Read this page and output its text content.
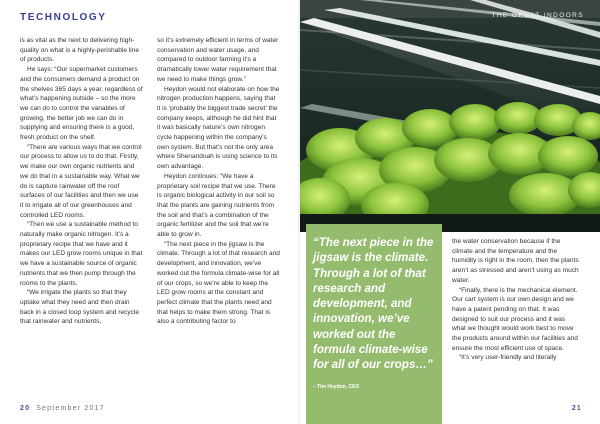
TECHNOLOGY

is as vital as the next to delivering high-quality on what is a highly-perishable line of products.

He says: “Our supermarket customers and the consumers demand a product on the shelves 365 days a year, regardless of what’s happening outside – so the more we can do to control the variables of growing, the better job we can do in supplying and ensuring there is a good, fresh product on the shelf.

“There are various ways that we control our process to allow us to do that. Firstly, we make our own organic nutrients and we do that in a sustainable way. What we do is capture rainwater off the roof surfaces of our facilities and then we use it to irrigate all of our greenhouses and controlled LED rooms.

“Then we use a sustainable method to naturally make organic nitrogen. It’s a proprietary recipe that we have and it makes our LED grow rooms unique in that we have a sustainable source of organic nutrients that we then pump through the rooms to the plants.

“We irrigate the plants so that they uptake what they need and then drain back in a closed loop system and recycle that rainwater and nutrients,

so it’s extremely efficient in terms of water conservation and water usage, and compared to outdoor farming it’s a dramatically lower water requirement that we need to make things grow.”

Heydon would not elaborate on how the nitrogen production happens, saying that it is ‘probably the biggest trade secret’ the company keeps, although he did hint that it was basically nature’s own nitrogen cycle happening within the company’s own system. But that’s not the only area where Shenandoah is using science to its own advantage.

Heydon continues: “We have a proprietary soil recipe that we use. There is organic biological activity in our soil so that the plants are gaining nutrients from the soil and that’s a combination of the organic fertilizer and the soil that we’re able to grow in.

“The next piece in the jigsaw is the climate. Through a lot of that research and development, and innovation, we’ve worked out the formula climate-wise for all of our crops, so we’re able to keep the LED grow rooms at the constant and perfect climate that the plants need and that helps to make them strong. That is also a contributing factor to

20 September 2017
THE GREAT INDOORS
“The next piece in the jigsaw is the climate. Through a lot of that research and development, and innovation, we’ve worked out the formula climate-wise for all of our crops…”
– Tim Heydon, CEO

the water conservation because if the climate and the temperature and the humidity is right in the room, then the plants aren’t as stressed and aren’t using as much water.

“Finally, there is the mechanical element. Our cart system is our own design and we have a patent pending on that. It was designed to suit our process and it was what we thought would work best to move the products around within our facilities and ensure the most efficient use of space.

“It’s very user-friendly and literally

21
